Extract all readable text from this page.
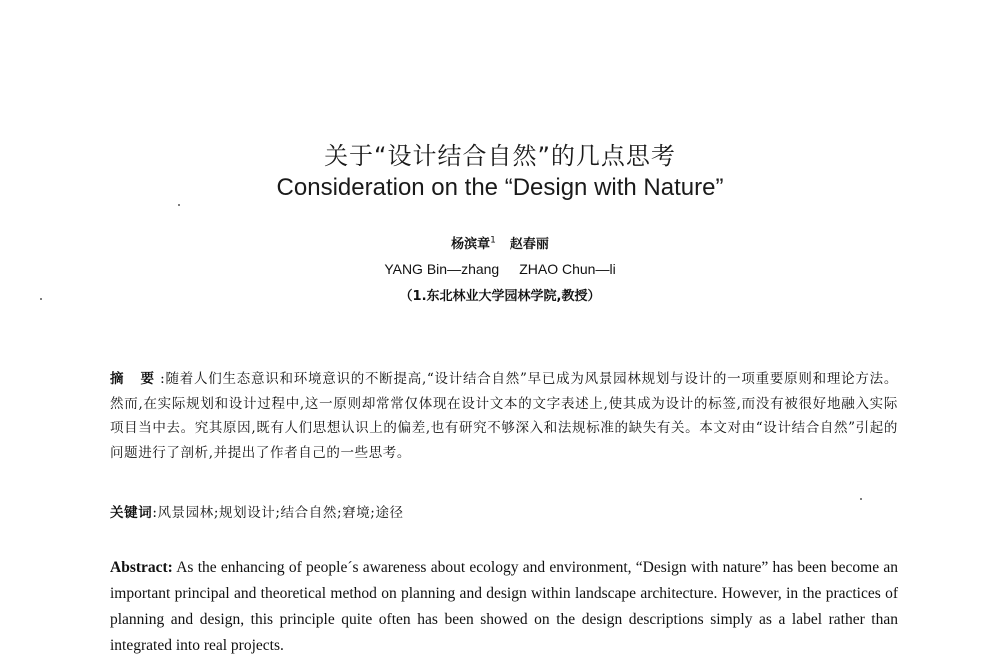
关于“设计结合自然”的几点思考
Consideration on the “Design with Nature”
杨滨章$^1$ 赵春丽
YANG Bin—zhang ZHAO Chun—li
（1.东北林业大学园林学院,教授）
摘 要:随着人们生态意识和环境意识的不断提高,“设计结合自然”早已成为风景园林规划与设计的一项重要原则和理论方法。然而,在实际规划和设计过程中,这一原则却常常仅体现在设计文本的文字表述上,使其成为设计的标签,而没有被很好地融入实际项目当中去。究其原因,既有人们思想认识上的偏差,也有研究不够深入和法规标准的缺失有关。本文对由“设计结合自然”引起的问题进行了剖析,并提出了作者自己的一些思考。
关键词:风景园林;规划设计;结合自然;窘境;途径
Abstract: As the enhancing of people´s awareness about ecology and environment, “Design with nature” has been become an important principal and theoretical method on planning and design within landscape architecture. However, in the practices of planning and design, this principle quite often has been showed on the design descriptions simply as a label rather than integrated into real projects.
